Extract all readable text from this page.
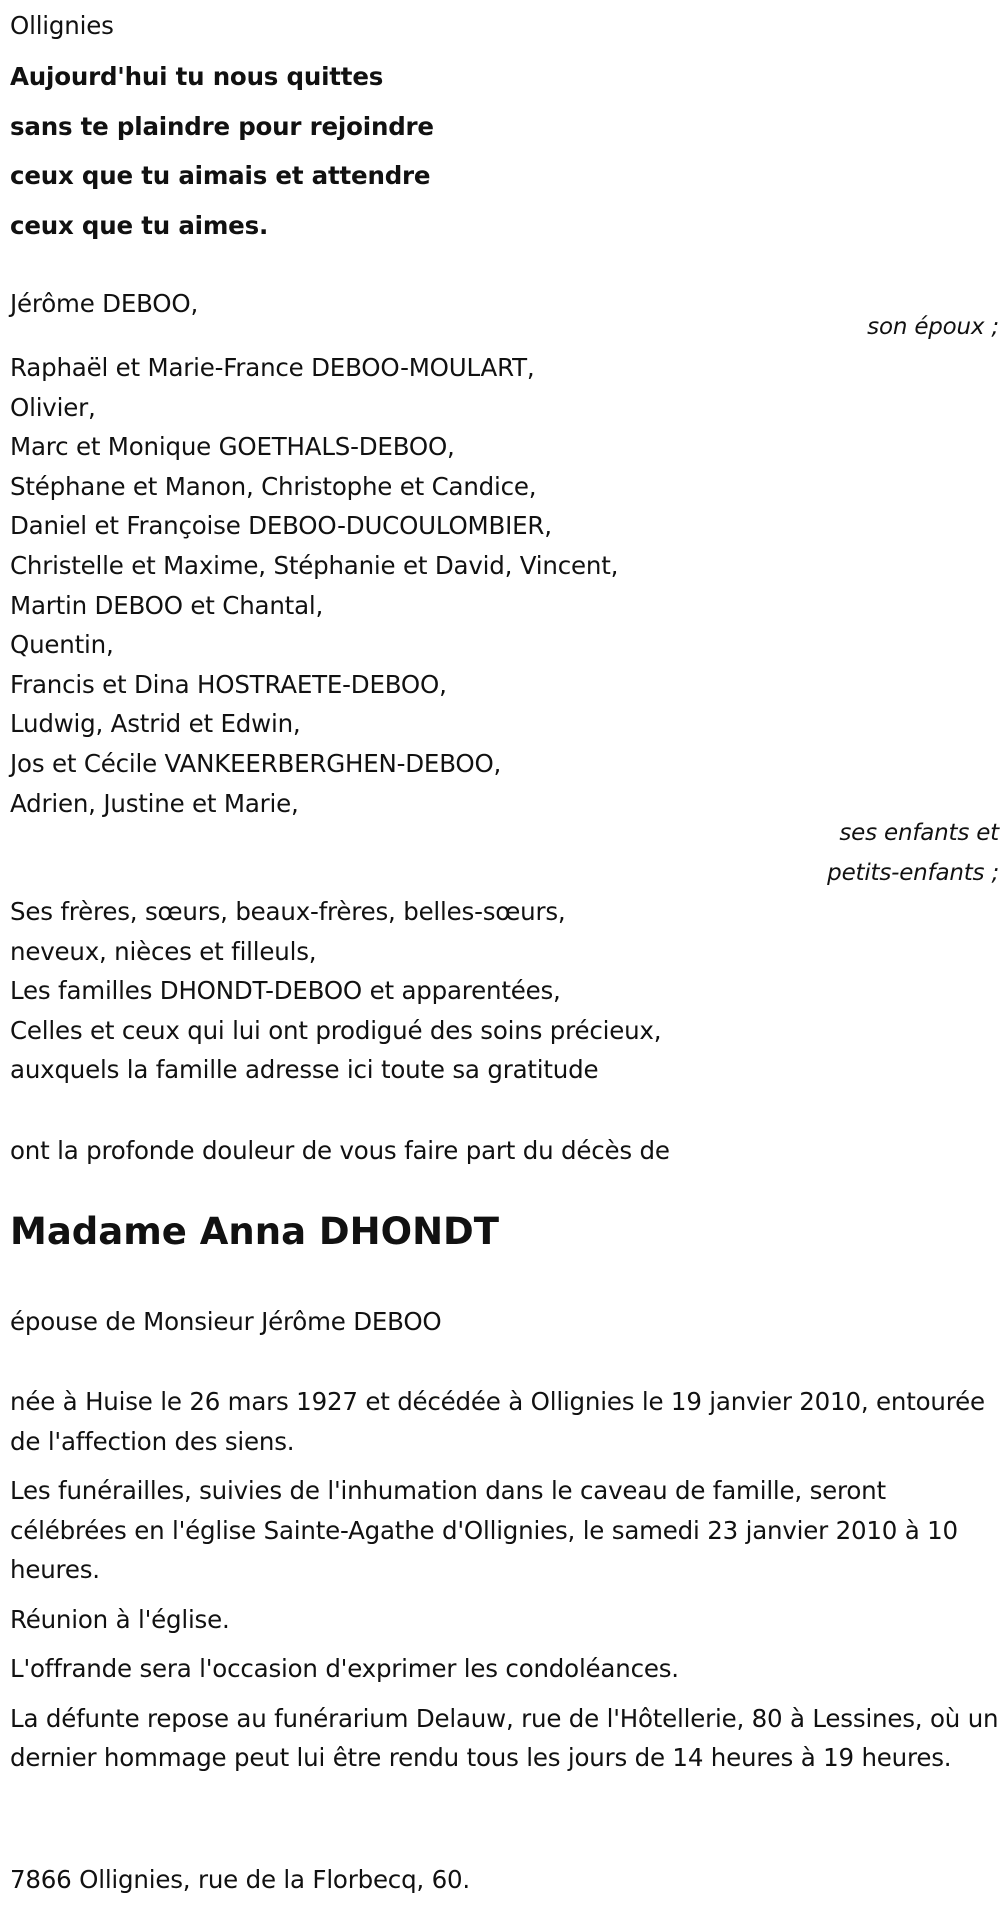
Ollignies
Aujourd'hui tu nous quittes
sans te plaindre pour rejoindre
ceux que tu aimais et attendre
ceux que tu aimes.
Jérôme DEBOO,
son époux ;
Raphaël et Marie-France DEBOO-MOULART,
Olivier,
Marc et Monique GOETHALS-DEBOO,
Stéphane et Manon, Christophe et Candice,
Daniel et Françoise DEBOO-DUCOULOMBIER,
Christelle et Maxime, Stéphanie et David, Vincent,
Martin DEBOO et Chantal,
Quentin,
Francis et Dina HOSTRAETE-DEBOO,
Ludwig, Astrid et Edwin,
Jos et Cécile VANKEERBERGHEN-DEBOO,
Adrien, Justine et Marie,
ses enfants et
petits-enfants ;
Ses frères, sœurs, beaux-frères, belles-sœurs,
neveux, nièces et filleuls,
Les familles DHONDT-DEBOO et apparentées,
Celles et ceux qui lui ont prodigué des soins précieux,
auxquels la famille adresse ici toute sa gratitude
ont la profonde douleur de vous faire part du décès de
Madame Anna DHONDT
épouse de Monsieur Jérôme DEBOO

née à Huise le 26 mars 1927 et décédée à Ollignies le 19 janvier 2010, entourée de l'affection des siens.

Les funérailles, suivies de l'inhumation dans le caveau de famille, seront célébrées en l'église Sainte-Agathe d'Ollignies, le samedi 23 janvier 2010 à 10 heures.

Réunion à l'église.

L'offrande sera l'occasion d'exprimer les condoléances.

La défunte repose au funérarium Delauw, rue de l'Hôtellerie, 80 à Lessines, où un dernier hommage peut lui être rendu tous les jours de 14 heures à 19 heures.

7866 Ollignies, rue de la Florbecq, 60.
